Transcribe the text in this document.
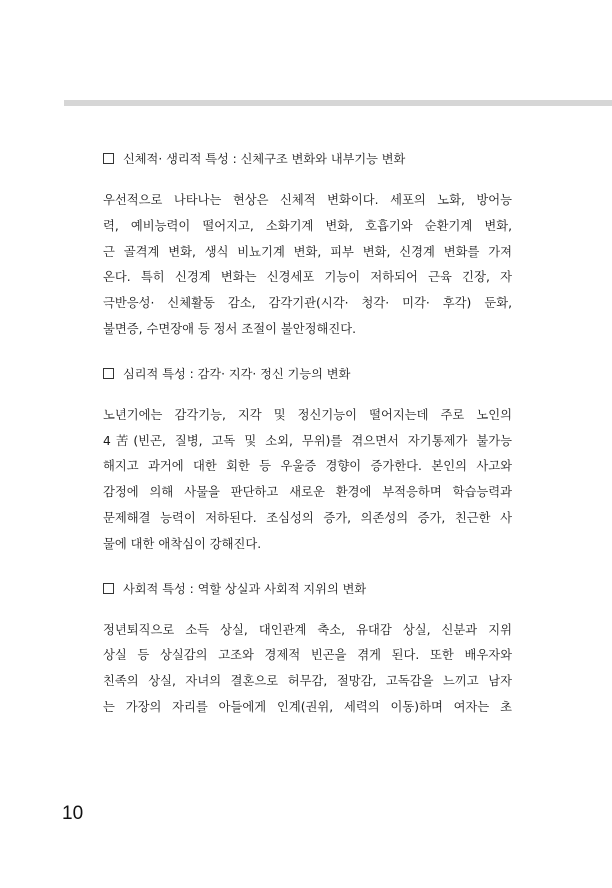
신체적· 생리적 특성 : 신체구조 변화와 내부기능 변화
우선적으로 나타나는 현상은 신체적 변화이다. 세포의 노화, 방어능
력, 예비능력이 떨어지고, 소화기계 변화, 호흡기와 순환기계 변화,
근 골격계 변화, 생식 비뇨기계 변화, 피부 변화, 신경계 변화를 가져
온다. 특히 신경계 변화는 신경세포 기능이 저하되어 근육 긴장, 자
극반응성· 신체활동 감소, 감각기관(시각· 청각· 미각· 후각) 둔화,
불면증, 수면장애 등 정서 조절이 불안정해진다.
심리적 특성 : 감각· 지각· 정신 기능의 변화
노년기에는 감각기능, 지각 및 정신기능이 떨어지는데 주로 노인의
4苦(빈곤, 질병, 고독 및 소외, 무위)를 겪으면서 자기통제가 불가능
해지고 과거에 대한 회한 등 우울증 경향이 증가한다. 본인의 사고와
감정에 의해 사물을 판단하고 새로운 환경에 부적응하며 학습능력과
문제해결 능력이 저하된다. 조심성의 증가, 의존성의 증가, 친근한 사
물에 대한 애착심이 강해진다.
사회적 특성 : 역할 상실과 사회적 지위의 변화
정년퇴직으로 소득 상실, 대인관계 축소, 유대감 상실, 신분과 지위
상실 등 상실감의 고조와 경제적 빈곤을 겪게 된다. 또한 배우자와
친족의 상실, 자녀의 결혼으로 허무감, 절망감, 고독감을 느끼고 남자
는 가장의 자리를 아들에게 인계(권위, 세력의 이동)하며 여자는 초
10
